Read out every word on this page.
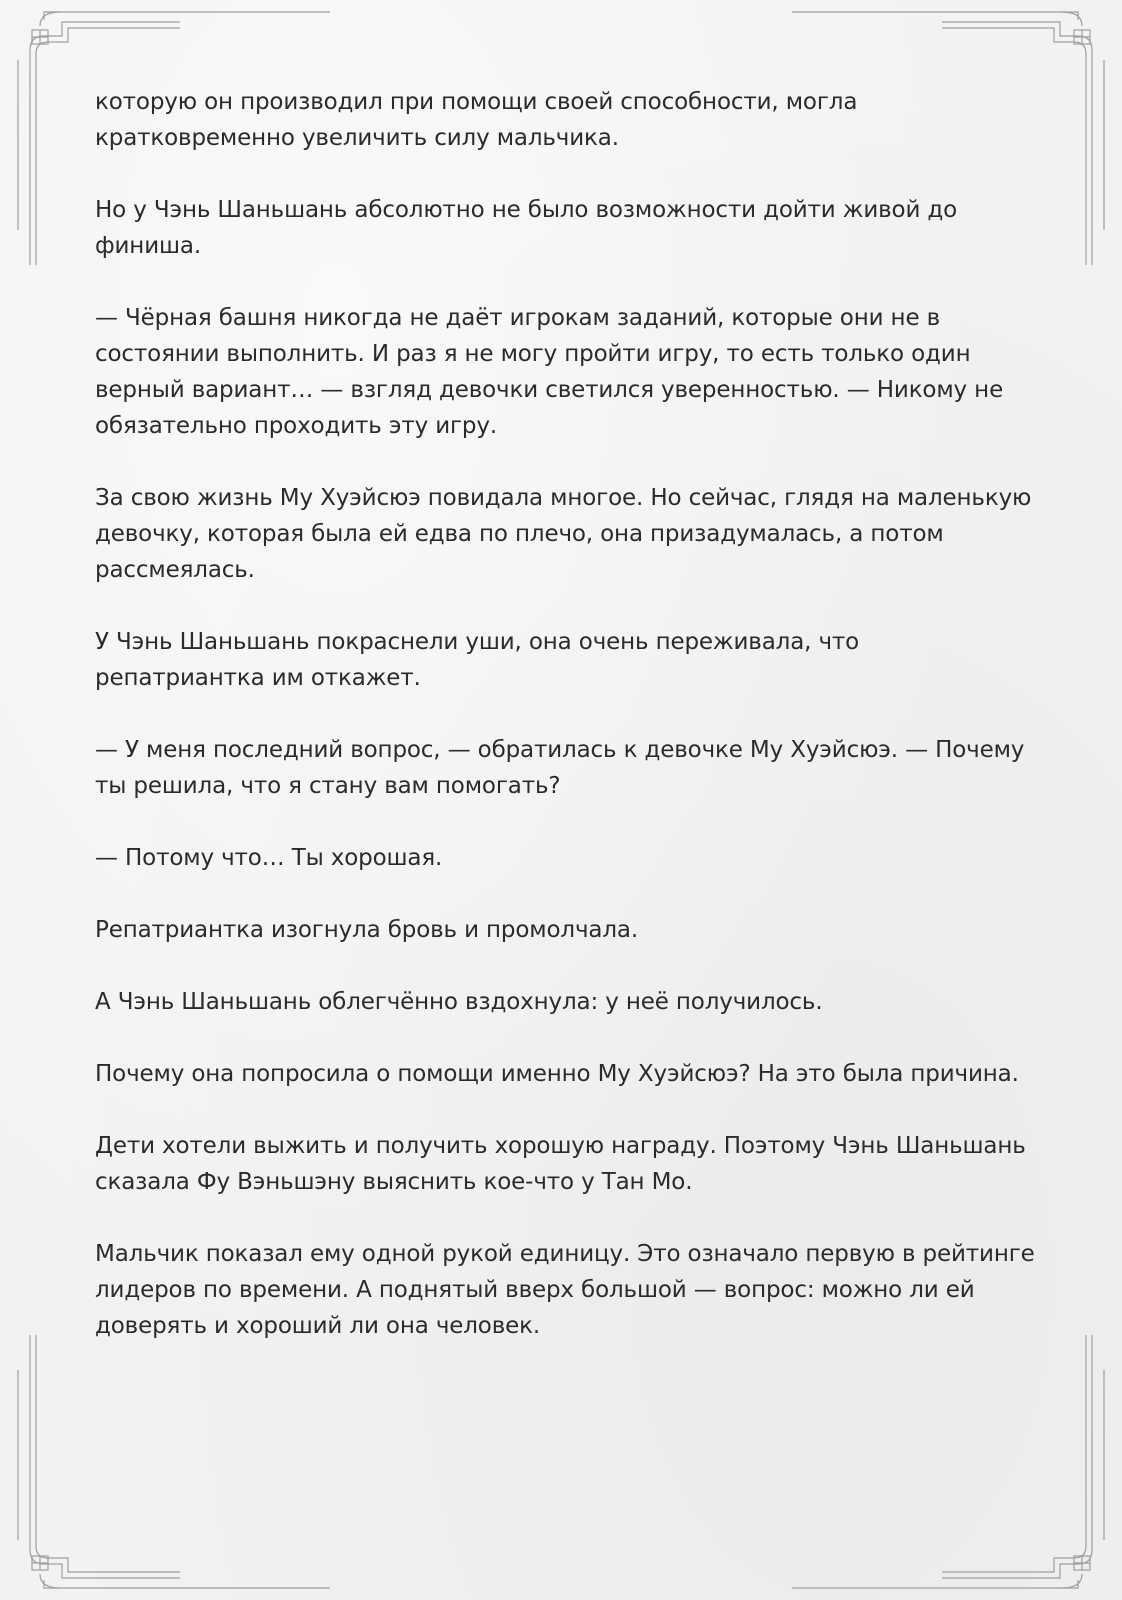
которую он производил при помощи своей способности, могла кратковременно увеличить силу мальчика.

Но у Чэнь Шаньшань абсолютно не было возможности дойти живой до финиша.

— Чёрная башня никогда не даёт игрокам заданий, которые они не в состоянии выполнить. И раз я не могу пройти игру, то есть только один верный вариант… — взгляд девочки светился уверенностью. — Никому не обязательно проходить эту игру.

За свою жизнь Му Хуэйсюэ повидала многое. Но сейчас, глядя на маленькую девочку, которая была ей едва по плечо, она призадумалась, а потом рассмеялась.

У Чэнь Шаньшань покраснели уши, она очень переживала, что репатриантка им откажет.

— У меня последний вопрос, — обратилась к девочке Му Хуэйсюэ. — Почему ты решила, что я стану вам помогать?

— Потому что… Ты хорошая.

Репатриантка изогнула бровь и промолчала.

А Чэнь Шаньшань облегчённо вздохнула: у неё получилось.

Почему она попросила о помощи именно Му Хуэйсюэ? На это была причина.

Дети хотели выжить и получить хорошую награду. Поэтому Чэнь Шаньшань сказала Фу Вэньшэну выяснить кое-что у Тан Мо.

Мальчик показал ему одной рукой единицу. Это означало первую в рейтинге лидеров по времени. А поднятый вверх большой — вопрос: можно ли ей доверять и хороший ли она человек.
